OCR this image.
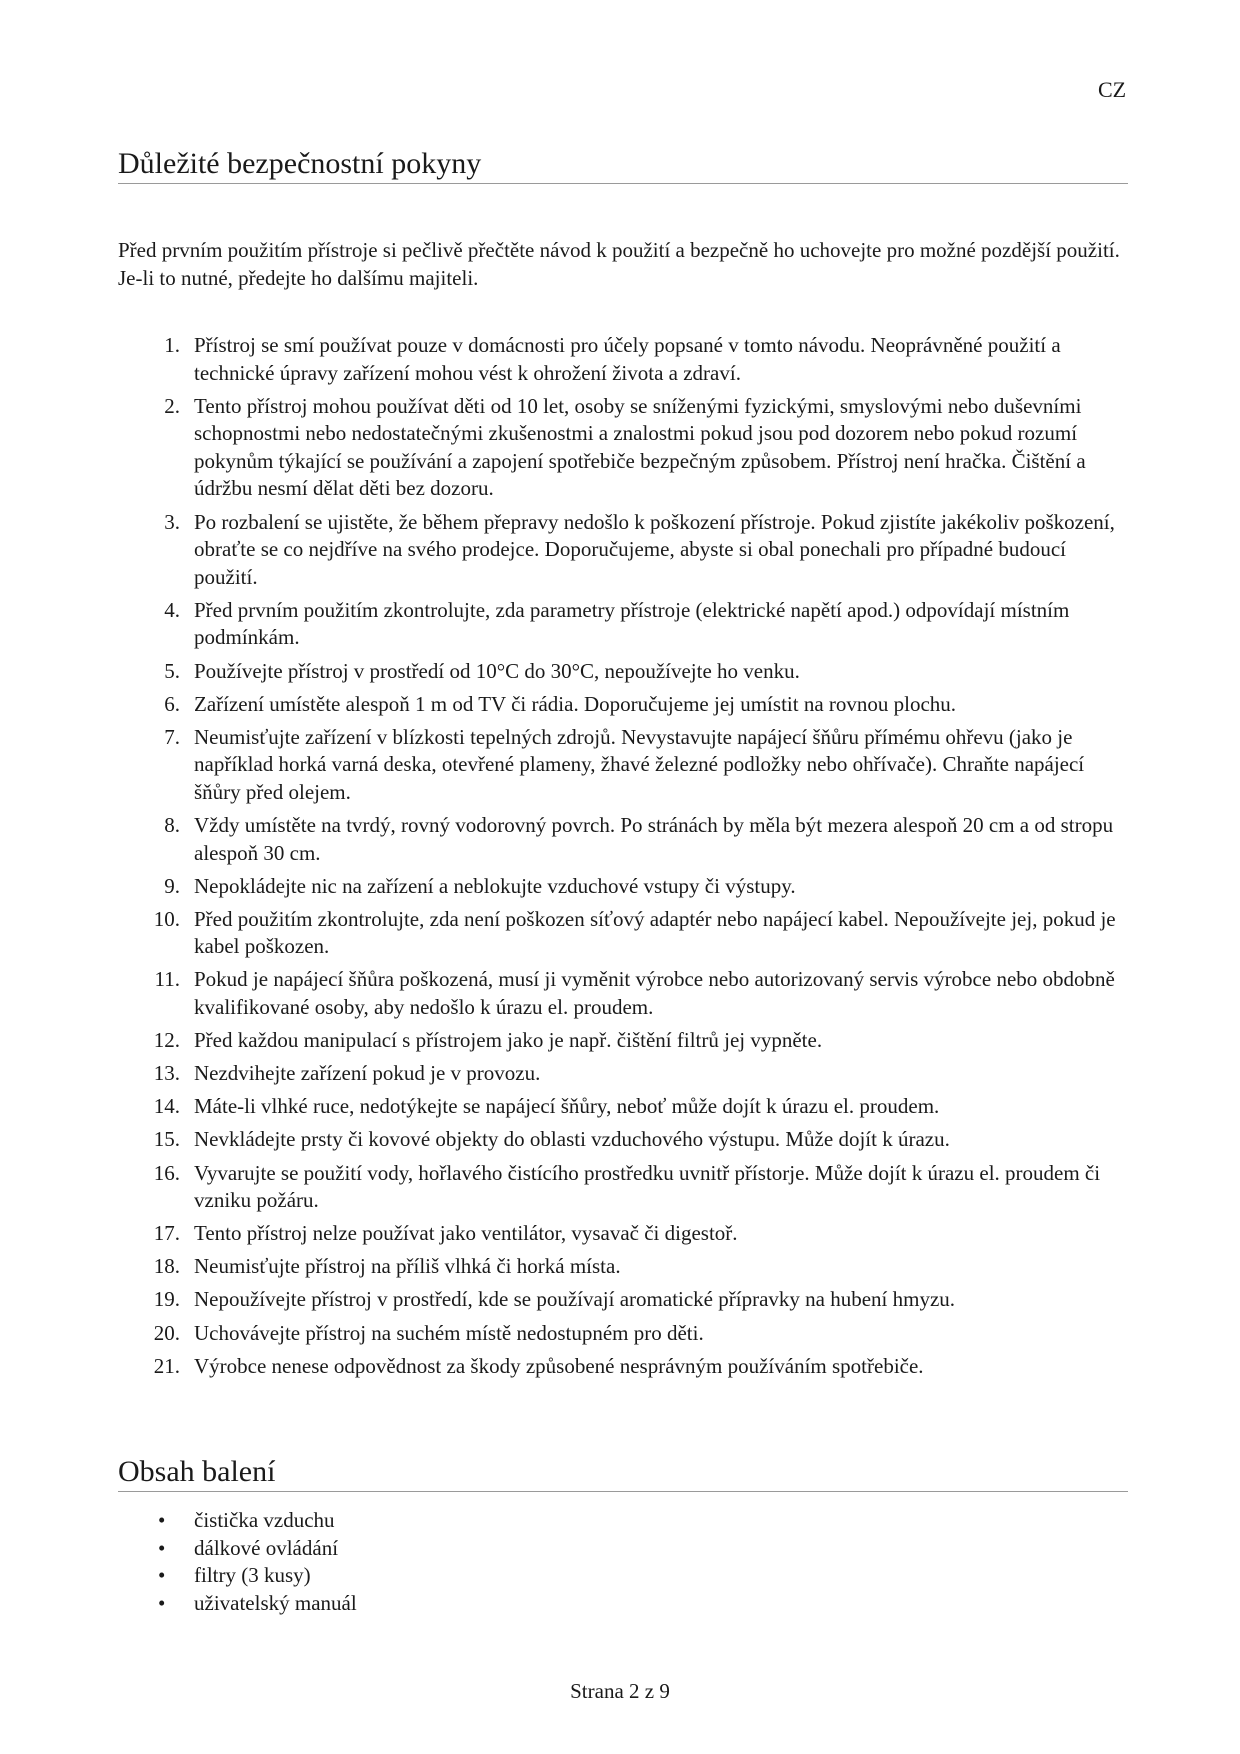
CZ
Důležité bezpečnostní pokyny

Před prvním použitím přístroje si pečlivě přečtěte návod k použití a bezpečně ho uchovejte pro možné pozdější použití. Je-li to nutné, předejte ho dalšímu majiteli.

1. Přístroj se smí používat pouze v domácnosti pro účely popsané v tomto návodu. Neoprávněné použití a technické úpravy zařízení mohou vést k ohrožení života a zdraví.
2. Tento přístroj mohou používat děti od 10 let, osoby se sníženými fyzickými, smyslovými nebo duševními schopnostmi nebo nedostatečnými zkušenostmi a znalostmi pokud jsou pod dozorem nebo pokud rozumí pokynům týkající se používání a zapojení spotřebiče bezpečným způsobem. Přístroj není hračka. Čištění a údržbu nesmí dělat děti bez dozoru.
3. Po rozbalení se ujistěte, že během přepravy nedošlo k poškození přístroje. Pokud zjistíte jakékoliv poškození, obraťte se co nejdříve na svého prodejce. Doporučujeme, abyste si obal ponechali pro případné budoucí použití.
4. Před prvním použitím zkontrolujte, zda parametry přístroje (elektrické napětí apod.) odpovídají místním podmínkám.
5. Používejte přístroj v prostředí od 10°C do 30°C, nepoužívejte ho venku.
6. Zařízení umístěte alespoň 1 m od TV či rádia. Doporučujeme jej umístit na rovnou plochu.
7. Neumisťujte zařízení v blízkosti tepelných zdrojů. Nevystavujte napájecí šňůru přímému ohřevu (jako je například horká varná deska, otevřené plameny, žhavé železné podložky nebo ohřívače). Chraňte napájecí šňůry před olejem.
8. Vždy umístěte na tvrdý, rovný vodorovný povrch. Po stránách by měla být mezera alespoň 20 cm a od stropu alespoň 30 cm.
9. Nepokládejte nic na zařízení a neblokujte vzduchové vstupy či výstupy.
10. Před použitím zkontrolujte, zda není poškozen síťový adaptér nebo napájecí kabel. Nepoužívejte jej, pokud je kabel poškozen.
11. Pokud je napájecí šňůra poškozená, musí ji vyměnit výrobce nebo autorizovaný servis výrobce nebo obdobně kvalifikované osoby, aby nedošlo k úrazu el. proudem.
12. Před každou manipulací s přístrojem jako je např. čištění filtrů jej vypněte.
13. Nezdvihejte zařízení pokud je v provozu.
14. Máte-li vlhké ruce, nedotýkejte se napájecí šňůry, neboť může dojít k úrazu el. proudem.
15. Nevkládejte prsty či kovové objekty do oblasti vzduchového výstupu. Může dojít k úrazu.
16. Vyvarujte se použití vody, hořlavého čistícího prostředku uvnitř přístorje. Může dojít k úrazu el. proudem či vzniku požáru.
17. Tento přístroj nelze používat jako ventilátor, vysavač či digestoř.
18. Neumisťujte přístroj na příliš vlhká či horká místa.
19. Nepoužívejte přístroj v prostředí, kde se používají aromatické přípravky na hubení hmyzu.
20. Uchovávejte přístroj na suchém místě nedostupném pro děti.
21. Výrobce nenese odpovědnost za škody způsobené nesprávným používáním spotřebiče.
Obsah balení
• čistička vzduchu
• dálkové ovládání
• filtry (3 kusy)
• uživatelský manuál
Strana 2 z 9
